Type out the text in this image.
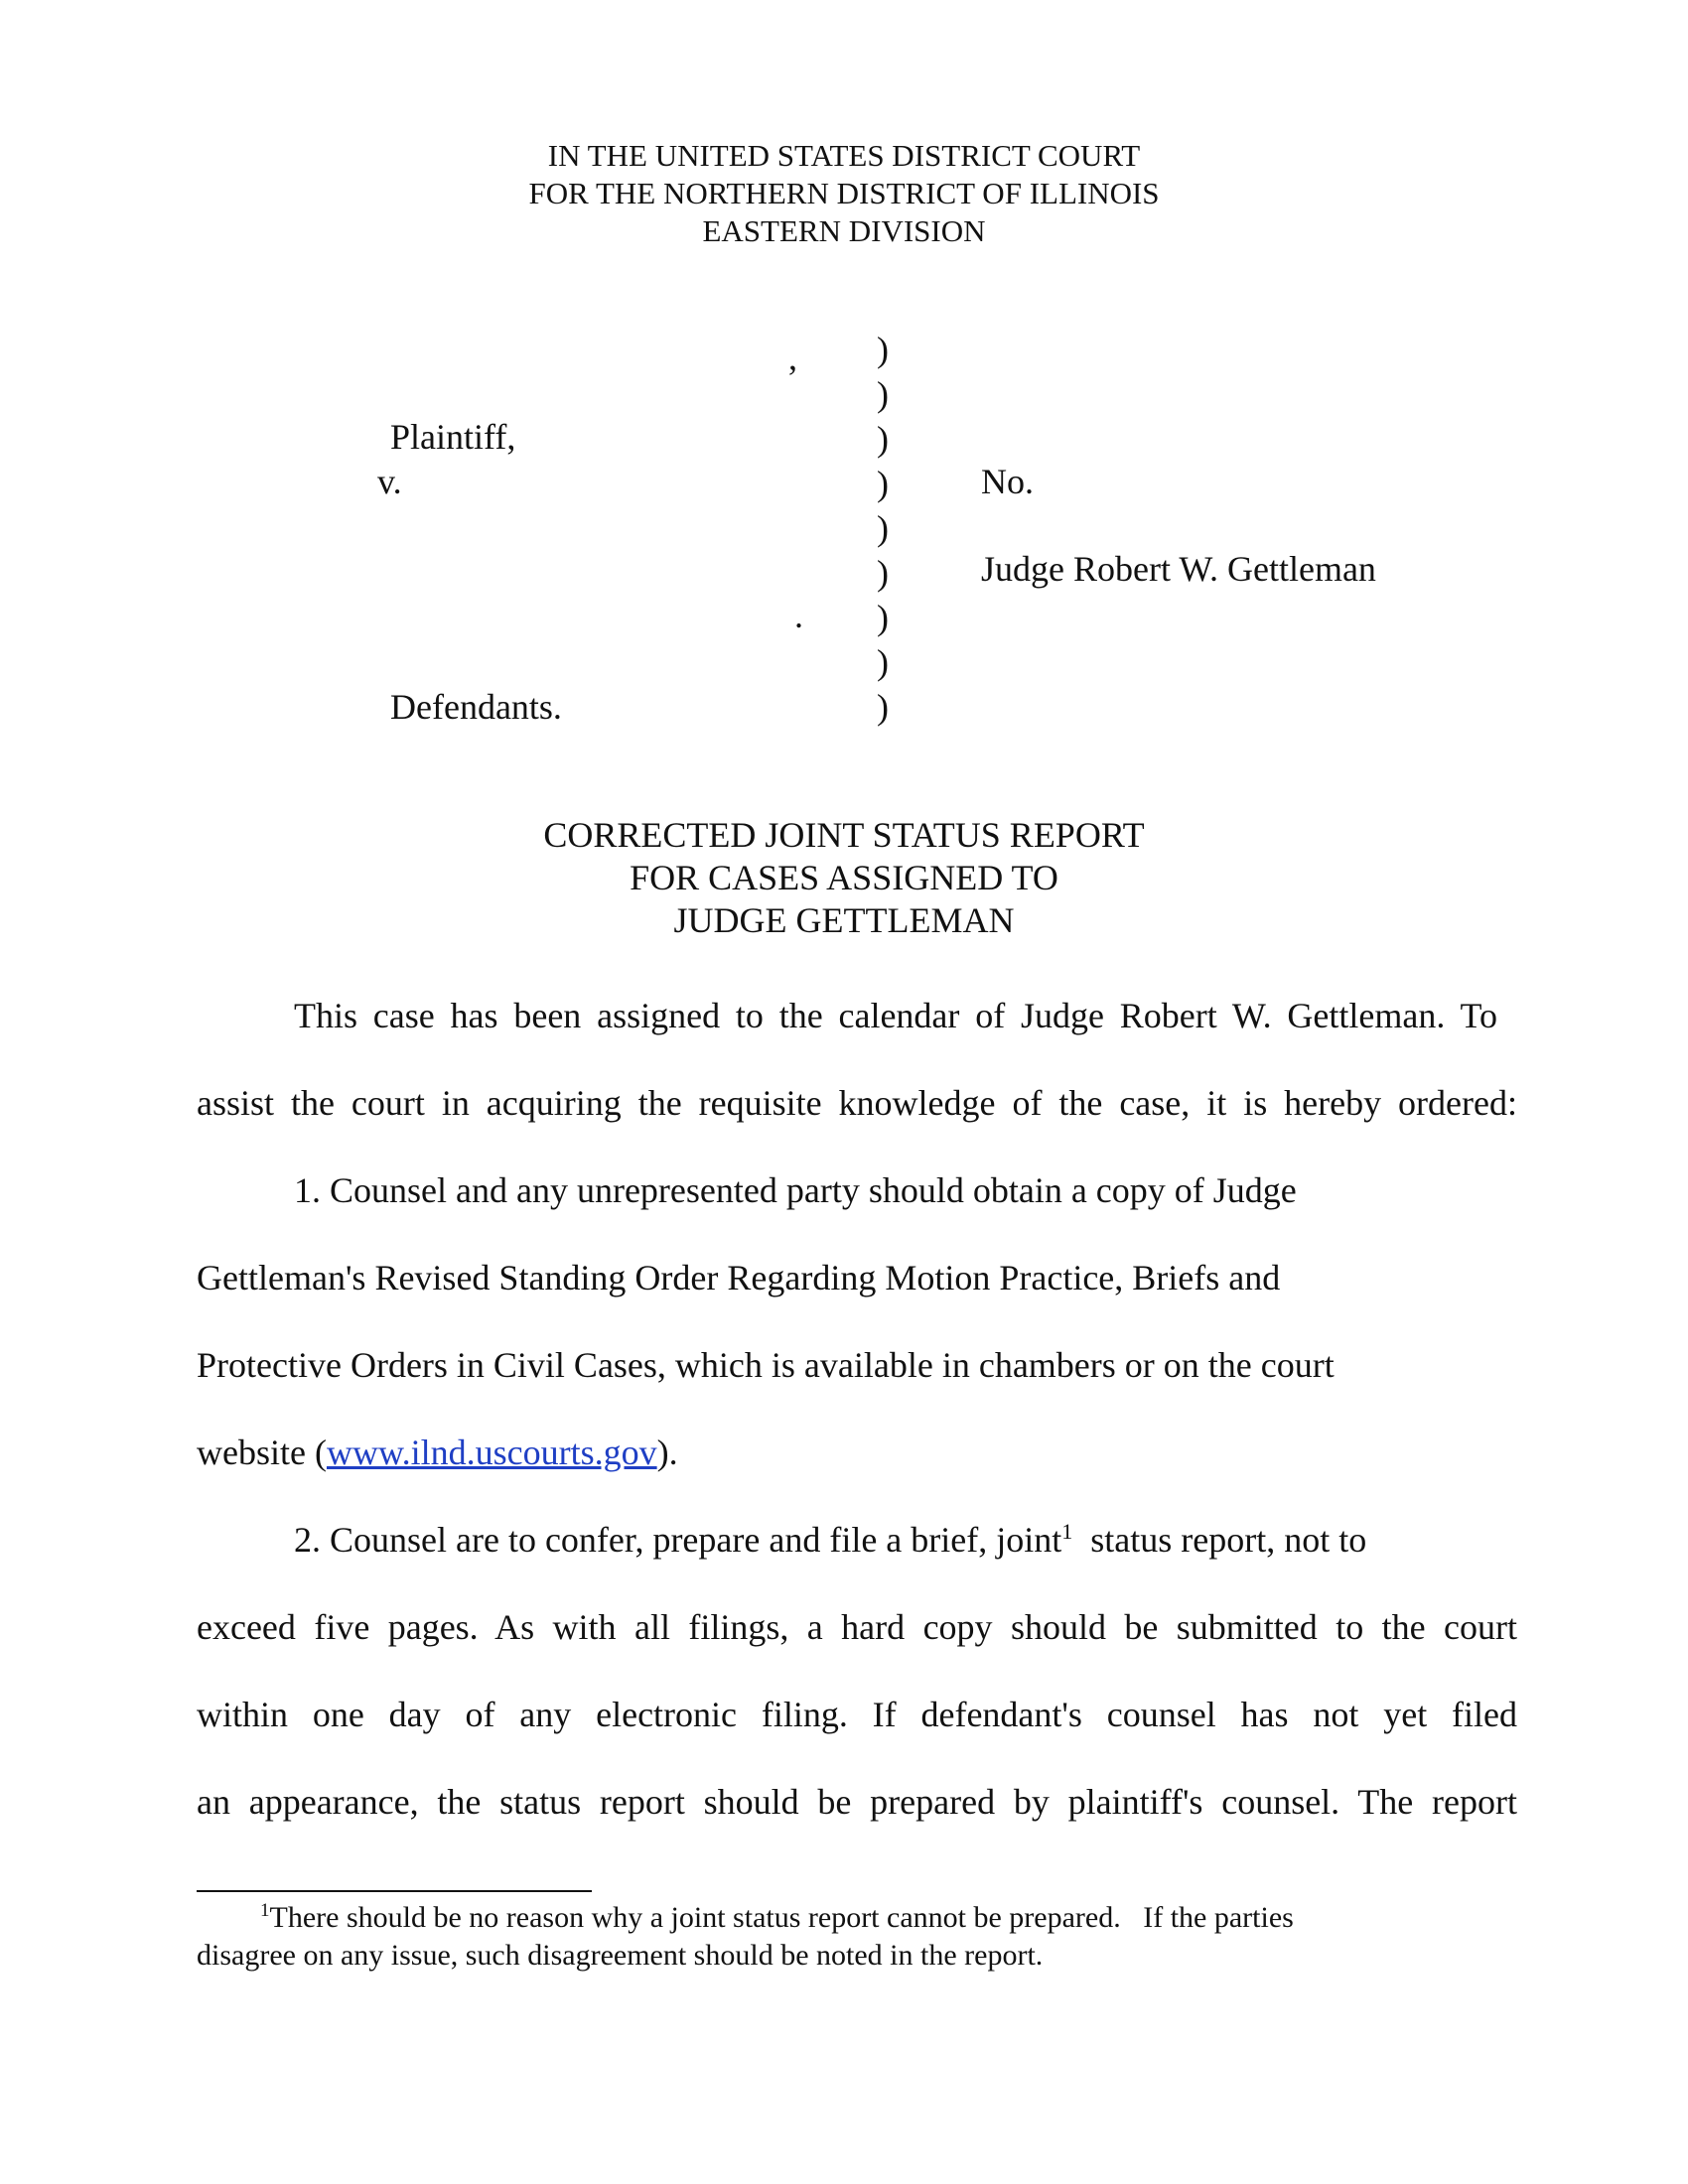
IN THE UNITED STATES DISTRICT COURT
FOR THE NORTHERN DISTRICT OF ILLINOIS
EASTERN DIVISION
,
Plaintiff,
v.
.
Defendants.
)
)
)
)
)
)
)
)
)
No.
Judge Robert W. Gettleman
CORRECTED JOINT STATUS REPORT
FOR CASES ASSIGNED TO
JUDGE GETTLEMAN
This case has been assigned to the calendar of Judge Robert W. Gettleman. To
assist the court in acquiring the requisite knowledge of the case, it is hereby ordered:
1. Counsel and any unrepresented party should obtain a copy of Judge
Gettleman's Revised Standing Order Regarding Motion Practice, Briefs and
Protective Orders in Civil Cases, which is available in chambers or on the court
website (www.ilnd.uscourts.gov).
2. Counsel are to confer, prepare and file a brief, joint$^1$  status report, not to
exceed five pages. As with all filings, a hard copy should be submitted to the court
within one day of any electronic filing. If defendant's counsel has not yet filed
an appearance, the status report should be prepared by plaintiff's counsel. The report
$^1$There should be no reason why a joint status report cannot be prepared.   If the parties
disagree on any issue, such disagreement should be noted in the report.
